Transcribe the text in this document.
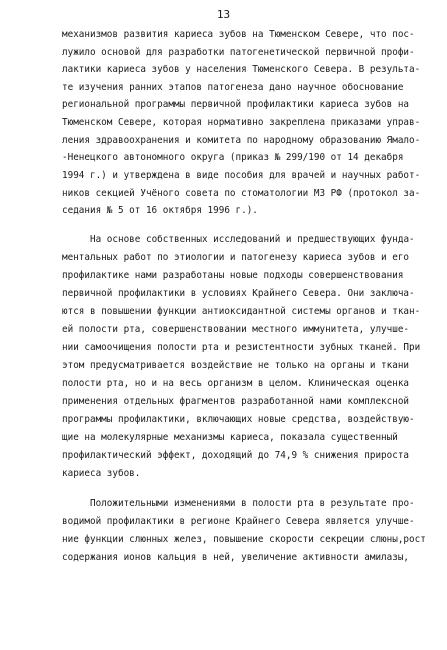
13
механизмов развития кариеса зубов на Тюменском Севере, что пос-
лужило основой для разработки патогенетической первичной профи-
лактики кариеса зубов у населения Тюменского Севера. В результа-
те изучения ранних этапов патогенеза дано научное обоснование
региональной программы первичной профилактики кариеса зубов на
Тюменском Севере, которая нормативно закреплена приказами управ-
ления здравоохранения и комитета по народному образованию Ямало-
-Ненецкого автономного округа (приказ № 299/190 от 14 декабря
1994 г.) и утверждена в виде пособия для врачей и научных работ-
ников секцией Учёного совета по стоматологии МЗ РФ (протокол за-
седания № 5 от 16 октября 1996 г.).
На основе собственных исследований и предшествующих фунда-
ментальных работ по этиологии и патогенезу кариеса зубов и его
профилактике нами разработаны новые подходы совершенствования
первичной профилактики в условиях Крайнего Севера. Они заключа-
ются в повышении функции антиоксидантной системы органов и ткан-
ей полости рта, совершенствовании местного иммунитета, улучше-
нии самоочищения полости рта и резистентности зубных тканей. При
этом предусматривается воздействие не только на органы и ткани
полости рта, но и на весь организм в целом. Клиническая оценка
применения отдельных фрагментов разработанной нами комплексной
программы профилактики, включающих новые средства, воздействую-
щие на молекулярные механизмы кариеса, показала существенный
профилактический эффект, доходящий до 74,9 % снижения прироста
кариеса зубов.
Положительными изменениями в полости рта в результате про-
водимой профилактики в регионе Крайнего Севера является улучше-
ние функции слюнных желез, повышение скорости секреции слюны,рост
содержания ионов кальция в ней, увеличение активности амилазы,
